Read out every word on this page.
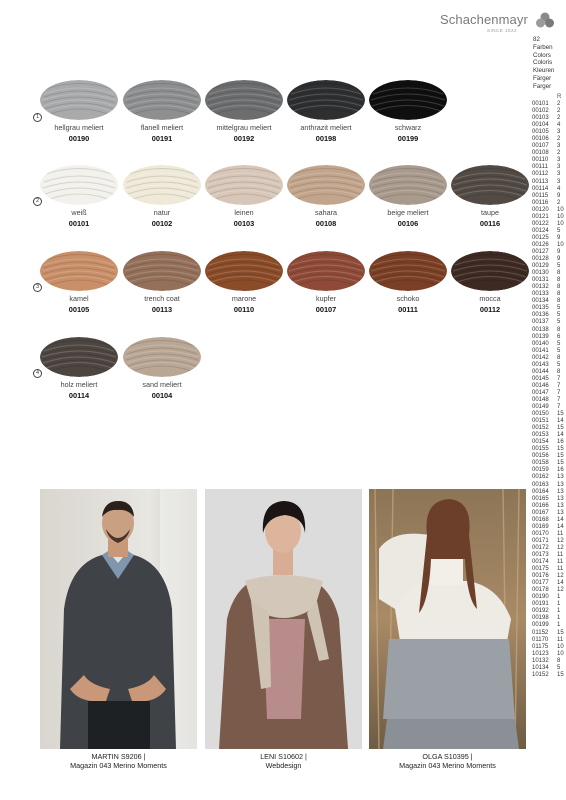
Schachenmayr
SINCE 1822
82
Farben
Colors
Coloris
Kleuren
Färger
Farger
R
00101 2
00102 2
00103 2
00104 4
00105 3
00106 2
00107 3
00108 2
00110 3
00111 3
00112 3
00113 3
00114 4
00115 9
00116 2
00120 10
00121 10
00122 10
00124 5
00125 9
00126 10
00127 9
00128 9
00129 5
00130 8
00131 8
00132 8
00133 8
00134 8
00135 5
00136 5
00137 5
00138 8
00139 6
00140 5
00141 5
00142 8
00143 5
00144 8
00145 7
00146 7
00147 7
00148 7
00149 7
00150 15
00151 14
00152 15
00153 14
00154 16
00155 15
00156 15
00158 15
00159 16
00162 13
00163 13
00164 13
00165 13
00166 13
00167 13
00168 14
00169 14
00170 11
00171 12
00172 12
00173 11
00174 11
00175 11
00176 12
00177 14
00178 12
00190 1
00191 1
00192 1
00198 1
00199 1
01152 15
01170 11
01175 10
10123 10
10132 8
10134 5
10152 15
1
2
3
4
hellgrau meliert
00190
flanell meliert
00191
mittelgrau meliert
00192
anthrazit meliert
00198
schwarz
00199
weiß
00101
natur
00102
leinen
00103
sahara
00108
beige meliert
00106
taupe
00116
kamel
00105
trench coat
00113
marone
00110
kupfer
00107
schoko
00111
mocca
00112
holz meliert
00114
sand meliert
00104
MARTIN S9206 |
Magazin 043 Merino Moments
LENI S10602 |
Webdesign
OLGA S10395 |
Magazin 043 Merino Moments
